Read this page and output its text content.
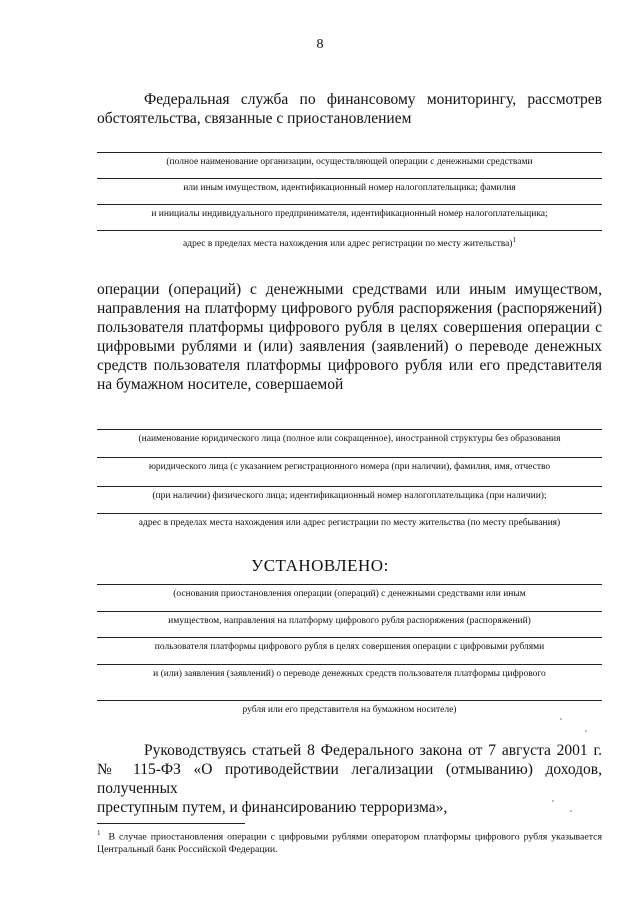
8
Федеральная служба по финансовому мониторингу, рассмотрев
обстоятельства, связанные с приостановлением
(полное наименование организации, осуществляющей операции с денежными средствами
или иным имуществом, идентификационный номер налогоплательщика; фамилия
и инициалы индивидуального предпринимателя, идентификационный номер налогоплательщика;
адрес в пределах места нахождения или адрес регистрации по месту жительства)$^1$
операции (операций) с денежными средствами или иным имуществом, направления на платформу цифрового рубля распоряжения (распоряжений) пользователя платформы цифрового рубля в целях совершения операции с цифровыми рублями и (или) заявления (заявлений) о переводе денежных средств пользователя платформы цифрового рубля или его представителя
на бумажном носителе, совершаемой
(наименование юридического лица (полное или сокращенное), иностранной структуры без образования
юридического лица (с указанием регистрационного номера (при наличии), фамилия, имя, отчество
(при наличии) физического лица; идентификационный номер налогоплательщика (при наличии);
адрес в пределах места нахождения или адрес регистрации по месту жительства (по месту пребывания)
УСТАНОВЛЕНО:
(основания приостановления операции (операций) с денежными средствами или иным
имуществом, направления на платформу цифрового рубля распоряжения (распоряжений)
пользователя платформы цифрового рубля в целях совершения операции с цифровыми рублями
и (или) заявления (заявлений) о переводе денежных средств пользователя платформы цифрового
рубля или его представителя на бумажном носителе)
Руководствуясь статьей 8 Федерального закона от 7 августа 2001 г. № 115-ФЗ «О противодействии легализации (отмыванию) доходов, полученных
преступным путем, и финансированию терроризма»,
$^1$ В случае приостановления операции с цифровыми рублями оператором платформы цифрового рубля указывается Центральный банк Российской Федерации.
